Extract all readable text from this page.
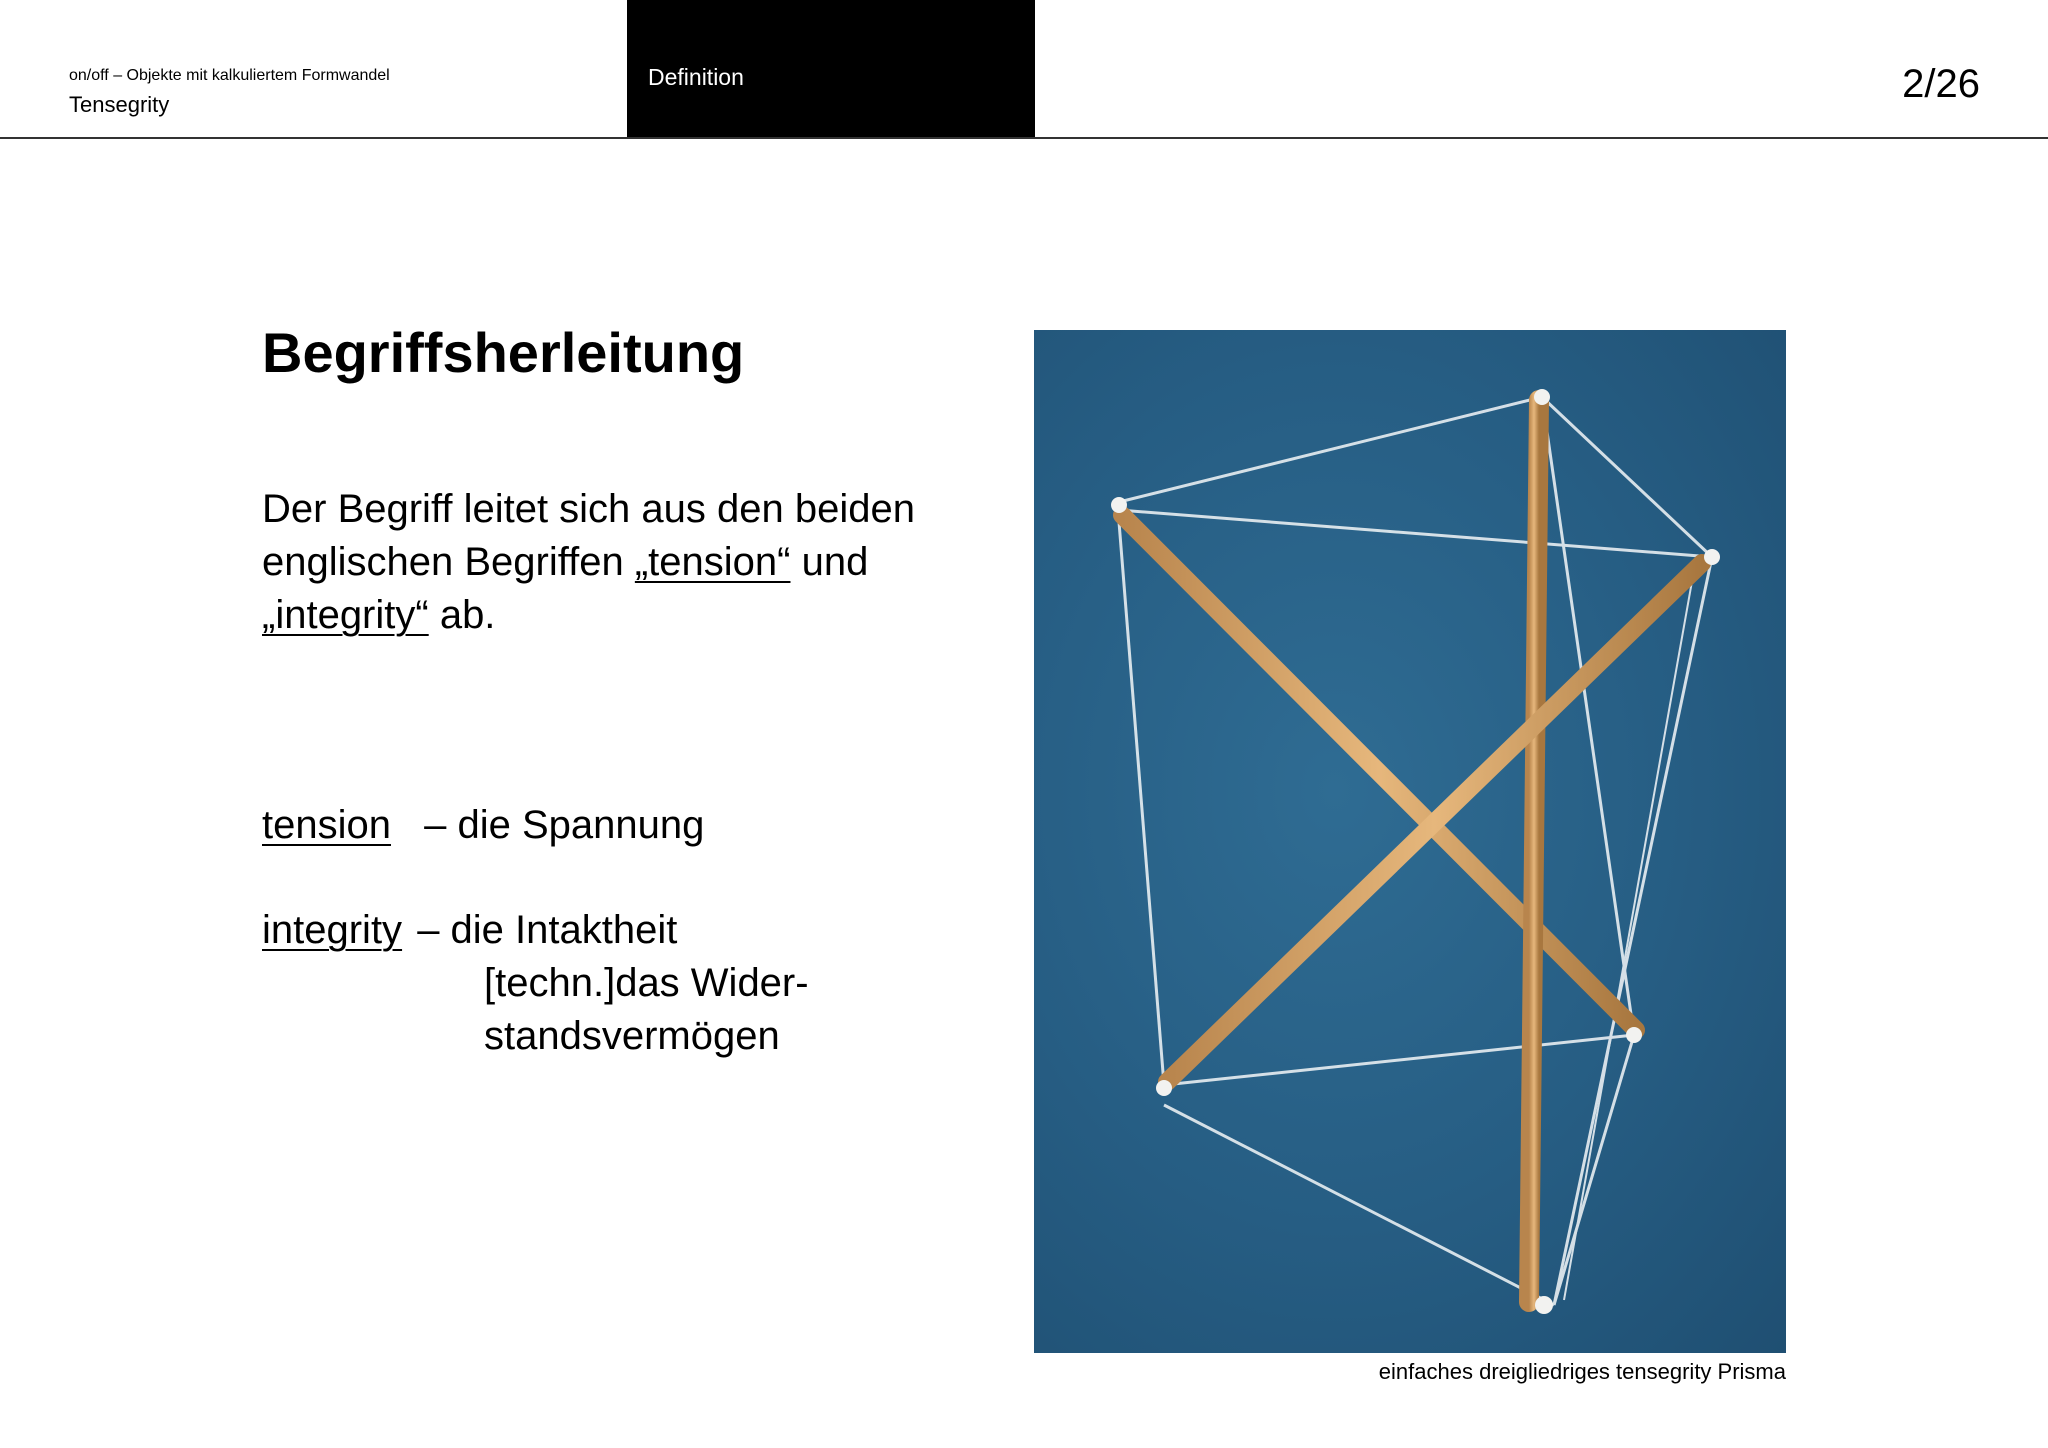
on/off – Objekte mit kalkuliertem Formwandel
Tensegrity
Definition	2/26
Begriffsherleitung
Der Begriff leitet sich aus den beiden englischen Begriffen „tension“ und „integrity“ ab.
tension – die Spannung
integrity – die Intaktheit
[techn.]das Wider-
standsvermögen
einfaches dreigliedriges tensegrity Prisma
